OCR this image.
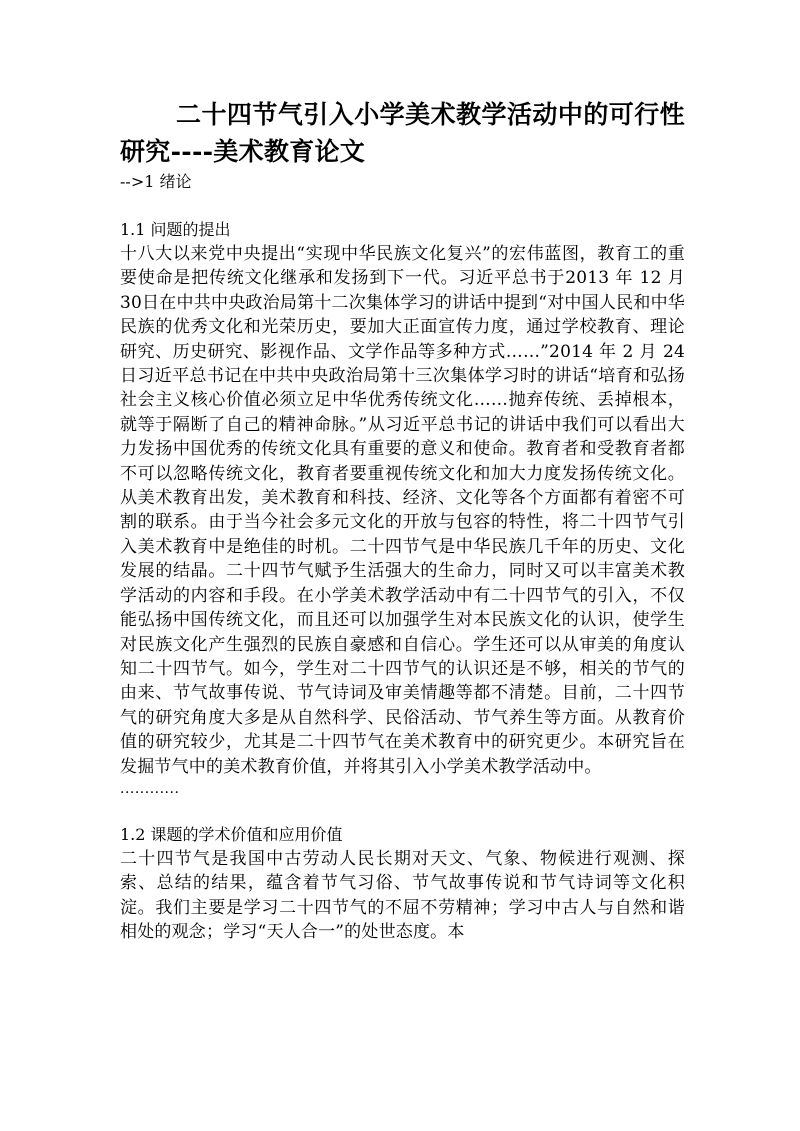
二十四节气引入小学美术教学活动中的可行性研究----美术教育论文
-->1 绪论
1.1 问题的提出

十八大以来党中央提出“实现中华民族文化复兴”的宏伟蓝图，教育工的重要使命是把传统文化继承和发扬到下一代。习近平总书于2013 年 12 月 30日在中共中央政治局第十二次集体学习的讲话中提到“对中国人民和中华民族的优秀文化和光荣历史，要加大正面宣传力度，通过学校教育、理论研究、历史研究、影视作品、文学作品等多种方式……”2014 年 2 月 24 日习近平总书记在中共中央政治局第十三次集体学习时的讲话“培育和弘扬社会主义核心价值必须立足中华优秀传统文化……抛弃传统、丢掉根本，就等于隔断了自己的精神命脉。”从习近平总书记的讲话中我们可以看出大力发扬中国优秀的传统文化具有重要的意义和使命。教育者和受教育者都不可以忽略传统文化，教育者要重视传统文化和加大力度发扬传统文化。从美术教育出发，美术教育和科技、经济、文化等各个方面都有着密不可割的联系。由于当今社会多元文化的开放与包容的特性，将二十四节气引入美术教育中是绝佳的时机。二十四节气是中华民族几千年的历史、文化发展的结晶。二十四节气赋予生活强大的生命力，同时又可以丰富美术教学活动的内容和手段。在小学美术教学活动中有二十四节气的引入，不仅能弘扬中国传统文化，而且还可以加强学生对本民族文化的认识，使学生对民族文化产生强烈的民族自豪感和自信心。学生还可以从审美的角度认知二十四节气。如今，学生对二十四节气的认识还是不够，相关的节气的由来、节气故事传说、节气诗词及审美情趣等都不清楚。目前，二十四节气的研究角度大多是从自然科学、民俗活动、节气养生等方面。从教育价值的研究较少，尤其是二十四节气在美术教育中的研究更少。本研究旨在发掘节气中的美术教育价值，并将其引入小学美术教学活动中。

............
1.2 课题的学术价值和应用价值

二十四节气是我国中古劳动人民长期对天文、气象、物候进行观测、探索、总结的结果，蕴含着节气习俗、节气故事传说和节气诗词等文化积淀。我们主要是学习二十四节气的不屈不劳精神；学习中古人与自然和谐相处的观念；学习“天人合一”的处世态度。本
